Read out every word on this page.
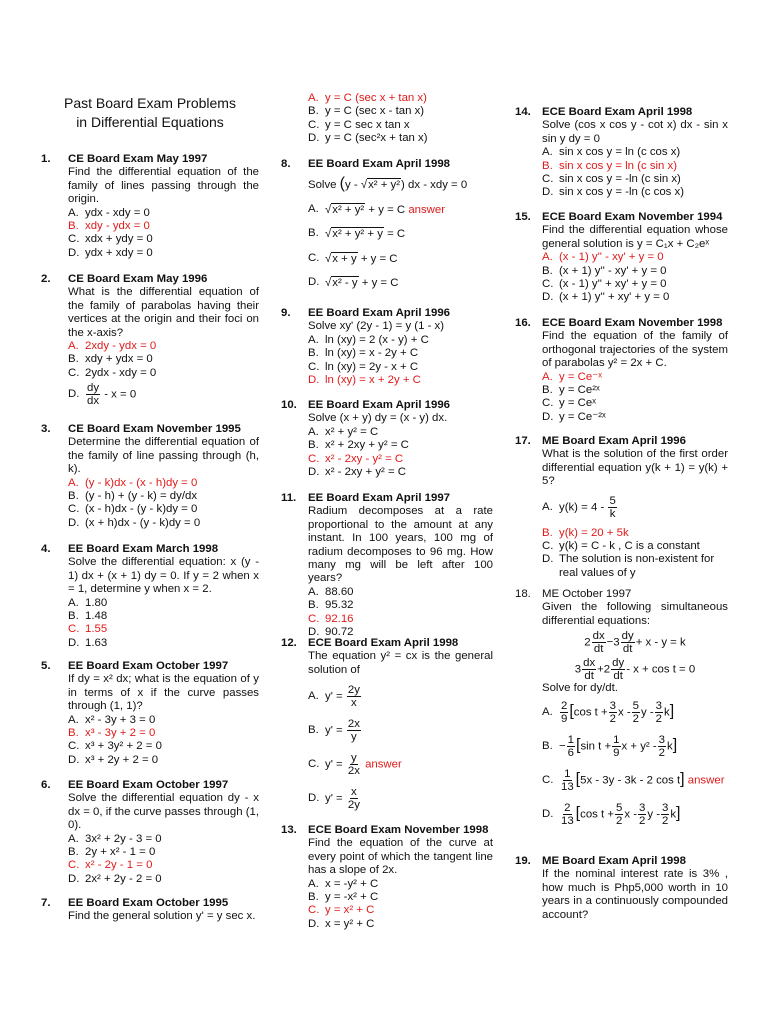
Past Board Exam Problems
in Differential Equations
1. CE Board Exam May 1997
Find the differential equation of the family of lines passing through the origin.
A. ydx - xdy = 0
B. xdy - ydx = 0
C. xdx + ydy = 0
D. ydx + xdy = 0
2. CE Board Exam May 1996
What is the differential equation of the family of parabolas having their vertices at the origin and their foci on the x-axis?
A. 2xdy - ydx = 0
B. xdy + ydx = 0
C. 2ydx - xdy = 0
D. $\frac{dy}{dx} - x = 0$
3. CE Board Exam November 1995
Determine the differential equation of the family of line passing through (h, k).
A. (y - k)dx - (x - h)dy = 0
B. (y - h) + (y - k) = dy/dx
C. (x - h)dx - (y - k)dy = 0
D. (x + h)dx - (y - k)dy = 0
4. EE Board Exam March 1998
Solve the differential equation: x (y - 1) dx + (x + 1) dy = 0. If y = 2 when x = 1, determine y when x = 2.
A. 1.80
B. 1.48
C. 1.55
D. 1.63
5. EE Board Exam October 1997
If dy = x² dx; what is the equation of y in terms of x if the curve passes through (1, 1)?
A. x² - 3y + 3 = 0
B. x³ - 3y + 2 = 0
C. x³ + 3y² + 2 = 0
D. x³ + 2y + 2 = 0
6. EE Board Exam October 1997
Solve the differential equation dy - x dx = 0, if the curve passes through (1, 0).
A. 3x² + 2y - 3 = 0
B. 2y + x² - 1 = 0
C. x² - 2y - 1 = 0
D. 2x² + 2y - 2 = 0
7. EE Board Exam October 1995
Find the general solution y' = y sec x.
A. y = C (sec x + tan x)
B. y = C (sec x - tan x)
C. y = C sec x tan x
D. y = C (sec²x + tan x)
8. EE Board Exam April 1998
Solve (y - √x² + y²) dx - xdy = 0
A. √x² + y² + y = C answer
B. √x² + y² + y = C
C. √x + y + y = C
D. √x² - y + y = C
9. EE Board Exam April 1996
Solve xy' (2y - 1) = y (1 - x)
A. ln (xy) = 2 (x - y) + C
B. ln (xy) = x - 2y + C
C. ln (xy) = 2y - x + C
D. ln (xy) = x + 2y + C
10. EE Board Exam April 1996
Solve (x + y) dy = (x - y) dx.
A. x² + y² = C
B. x² + 2xy + y² = C
C. x² - 2xy - y² = C
D. x² - 2xy + y² = C
11. EE Board Exam April 1997
Radium decomposes at a rate proportional to the amount at any instant. In 100 years, 100 mg of radium decomposes to 96 mg. How many mg will be left after 100 years?
A. 88.60
B. 95.32
C. 92.16
D. 90.72
12. ECE Board Exam April 1998
The equation y² = cx is the general solution of
A. $y' = \frac{2y}{x}$
B. $y' = \frac{2x}{y}$
C. $y' = \frac{y}{2x}$ answer
D. $y' = \frac{x}{2y}$
13. ECE Board Exam November 1998
Find the equation of the curve at every point of which the tangent line has a slope of 2x.
A. x = -y² + C
B. y = -x² + C
C. y = x² + C
D. x = y² + C
14. ECE Board Exam April 1998
Solve (cos x cos y - cot x) dx - sin x sin y dy = 0
A. sin x cos y = ln (c cos x)
B. sin x cos y = ln (c sin x)
C. sin x cos y = -ln (c sin x)
D. sin x cos y = -ln (c cos x)
15. ECE Board Exam November 1994
Find the differential equation whose general solution is y = C₁x + C₂eˣ
A. (x - 1) y'' - xy' + y = 0
B. (x + 1) y'' - xy' + y = 0
C. (x - 1) y'' + xy' + y = 0
D. (x + 1) y'' + xy' + y = 0
16. ECE Board Exam November 1998
Find the equation of the family of orthogonal trajectories of the system of parabolas y² = 2x + C.
A. y = Ce⁻ˣ
B. y = Ce²ˣ
C. y = Ceˣ
D. y = Ce⁻²ˣ
17. ME Board Exam April 1996
What is the solution of the first order differential equation y(k + 1) = y(k) + 5?
A. $y(k) = 4 - \frac{5}{k}$
B. y(k) = 20 + 5k
C. y(k) = C - k , C is a constant
D. The solution is non-existent for real values of y
18. ME October 1997
Given the following simultaneous differential equations:
$2 \frac{dx}{dt} -3 \frac{dy}{dt} + x - y = k$
$3 \frac{dx}{dt} +2 \frac{dy}{dt} - x + \cos t = 0$
Solve for dy/dt.
A. $\frac{2}{9} [\cos$ $t + \frac{3}{2}$ x - $\frac{5}{2}$ y - $\frac{3}{2} k$]
B. − $\frac{1}{6} [\sin$ $t + \frac{1}{9}$ $x + y^2 - \frac{3}{2} k$]
C. $\frac{1}{13} [5x - 3y - 3k - 2$ cos t] answer
D. $\frac{2}{13} [\cos$ $t + \frac{5}{2}$ x - $\frac{3}{2}$ y - $\frac{3}{2} k$]
19. ME Board Exam April 1998
If the nominal interest rate is 3% , how much is Php5,000 worth in 10 years in a continuously compounded account?
